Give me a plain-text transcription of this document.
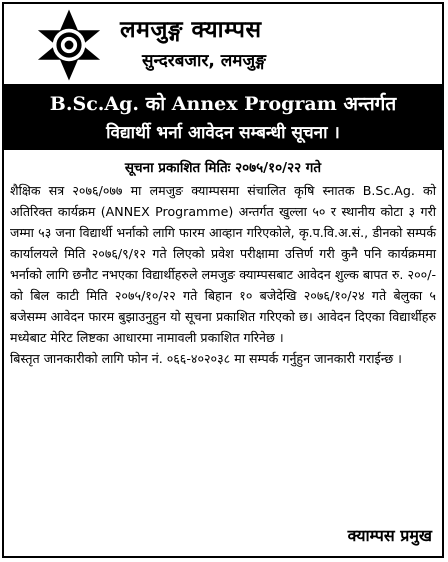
लमजुङ्ग क्याम्पस
सुन्दरबजार, लमजुङ्ग
B.Sc.Ag. को Annex Program अन्तर्गत
विद्यार्थी भर्ना आवेदन सम्बन्धी सूचना ।
सूचना प्रकाशित मितिः २०७५/१०/२२ गते

शैक्षिक सत्र २०७६/०७७ मा लमजुङ क्याम्पसमा संचालित कृषि स्नातक B.Sc.Ag. को अतिरिक्त कार्यक्रम (ANNEX Programme) अन्तर्गत खुल्ला ५० र स्थानीय कोटा ३ गरी जम्मा ५३ जना विद्यार्थी भर्नाको लागि फारम आव्हान गरिएकोले, कृ.प.वि.अ.सं., डीनको सम्पर्क कार्यालयले मिति २०७६/९/१२ गते लिएको प्रवेश परीक्षामा उत्तिर्ण गरी कुनै पनि कार्यक्रममा भर्नाको लागि छनौट नभएका विद्यार्थीहरुले लमजुङ क्याम्पसबाट आवेदन शुल्क बापत रु. २००/- को बिल काटी मिति २०७५/१०/२२ गते बिहान १० बजेदेखि २०७६/१०/२४ गते बेलुका ५ बजेसम्म आवेदन फारम बुझाउनुहुन यो सूचना प्रकाशित गरिएको छ। आवेदन दिएका विद्यार्थीहरु मध्येबाट मेरिट लिष्टका आधारमा नामावली प्रकाशित गरिनेछ ।

बिस्तृत जानकारीको लागि फोन नं. ०६६-४०२०३८ मा सम्पर्क गर्नुहुन जानकारी गराईन्छ ।

क्याम्पस प्रमुख
